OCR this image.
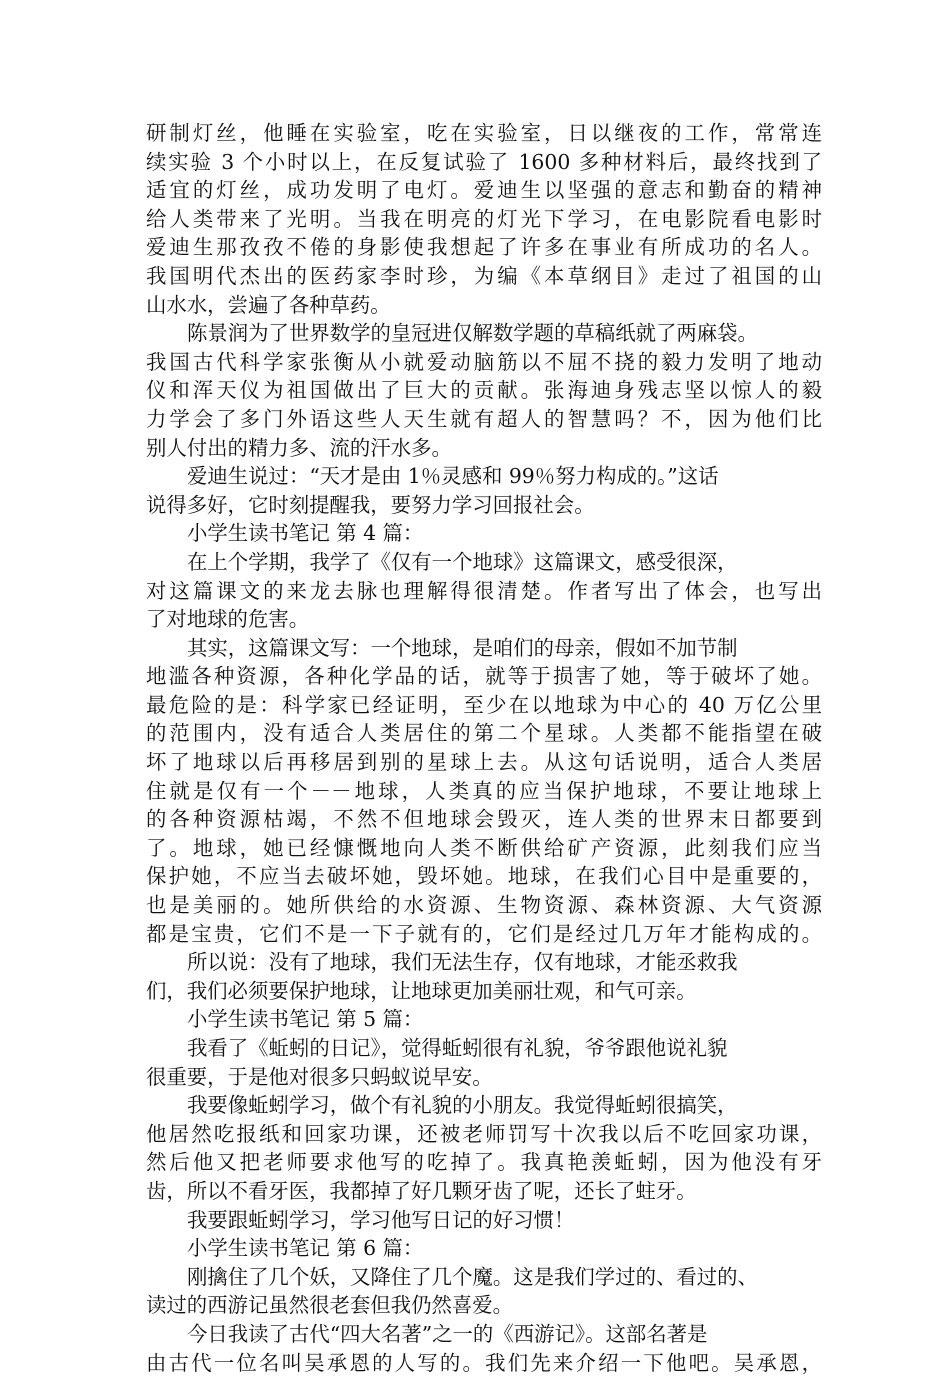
研制灯丝，他睡在实验室，吃在实验室，日以继夜的工作，常常连
续实验 3 个小时以上，在反复试验了 1600 多种材料后，最终找到了
适宜的灯丝，成功发明了电灯。爱迪生以坚强的意志和勤奋的精神
给人类带来了光明。当我在明亮的灯光下学习，在电影院看电影时
爱迪生那孜孜不倦的身影使我想起了许多在事业有所成功的名人。
我国明代杰出的医药家李时珍，为编《本草纲目》走过了祖国的山
山水水，尝遍了各种草药。
陈景润为了世界数学的皇冠进仅解数学题的草稿纸就了两麻袋。
我国古代科学家张衡从小就爱动脑筋以不屈不挠的毅力发明了地动
仪和浑天仪为祖国做出了巨大的贡献。张海迪身残志坚以惊人的毅
力学会了多门外语这些人天生就有超人的智慧吗？不，因为他们比
别人付出的精力多、流的汗水多。
爱迪生说过：“天才是由 1％灵感和 99％努力构成的。”这话
说得多好，它时刻提醒我，要努力学习回报社会。
小学生读书笔记 第 4 篇：
在上个学期，我学了《仅有一个地球》这篇课文，感受很深，
对这篇课文的来龙去脉也理解得很清楚。作者写出了体会，也写出
了对地球的危害。
其实，这篇课文写：一个地球，是咱们的母亲，假如不加节制
地滥各种资源，各种化学品的话，就等于损害了她，等于破坏了她。
最危险的是：科学家已经证明，至少在以地球为中心的 40 万亿公里
的范围内，没有适合人类居住的第二个星球。人类都不能指望在破
坏了地球以后再移居到别的星球上去。从这句话说明，适合人类居
住就是仅有一个－－地球，人类真的应当保护地球，不要让地球上
的各种资源枯竭，不然不但地球会毁灭，连人类的世界末日都要到
了。地球，她已经慷慨地向人类不断供给矿产资源，此刻我们应当
保护她，不应当去破坏她，毁坏她。地球，在我们心目中是重要的，
也是美丽的。她所供给的水资源、生物资源、森林资源、大气资源
都是宝贵，它们不是一下子就有的，它们是经过几万年才能构成的。
所以说：没有了地球，我们无法生存，仅有地球，才能丞救我
们，我们必须要保护地球，让地球更加美丽壮观，和气可亲。
小学生读书笔记 第 5 篇：
我看了《蚯蚓的日记》，觉得蚯蚓很有礼貌，爷爷跟他说礼貌
很重要，于是他对很多只蚂蚁说早安。
我要像蚯蚓学习，做个有礼貌的小朋友。我觉得蚯蚓很搞笑，
他居然吃报纸和回家功课，还被老师罚写十次我以后不吃回家功课，
然后他又把老师要求他写的吃掉了。我真艳羡蚯蚓，因为他没有牙
齿，所以不看牙医，我都掉了好几颗牙齿了呢，还长了蛀牙。
我要跟蚯蚓学习，学习他写日记的好习惯！
小学生读书笔记 第 6 篇：
刚擒住了几个妖，又降住了几个魔。这是我们学过的、看过的、
读过的西游记虽然很老套但我仍然喜爱。
今日我读了古代“四大名著”之一的《西游记》。这部名著是
由古代一位名叫吴承恩的人写的。我们先来介绍一下他吧。吴承恩，
